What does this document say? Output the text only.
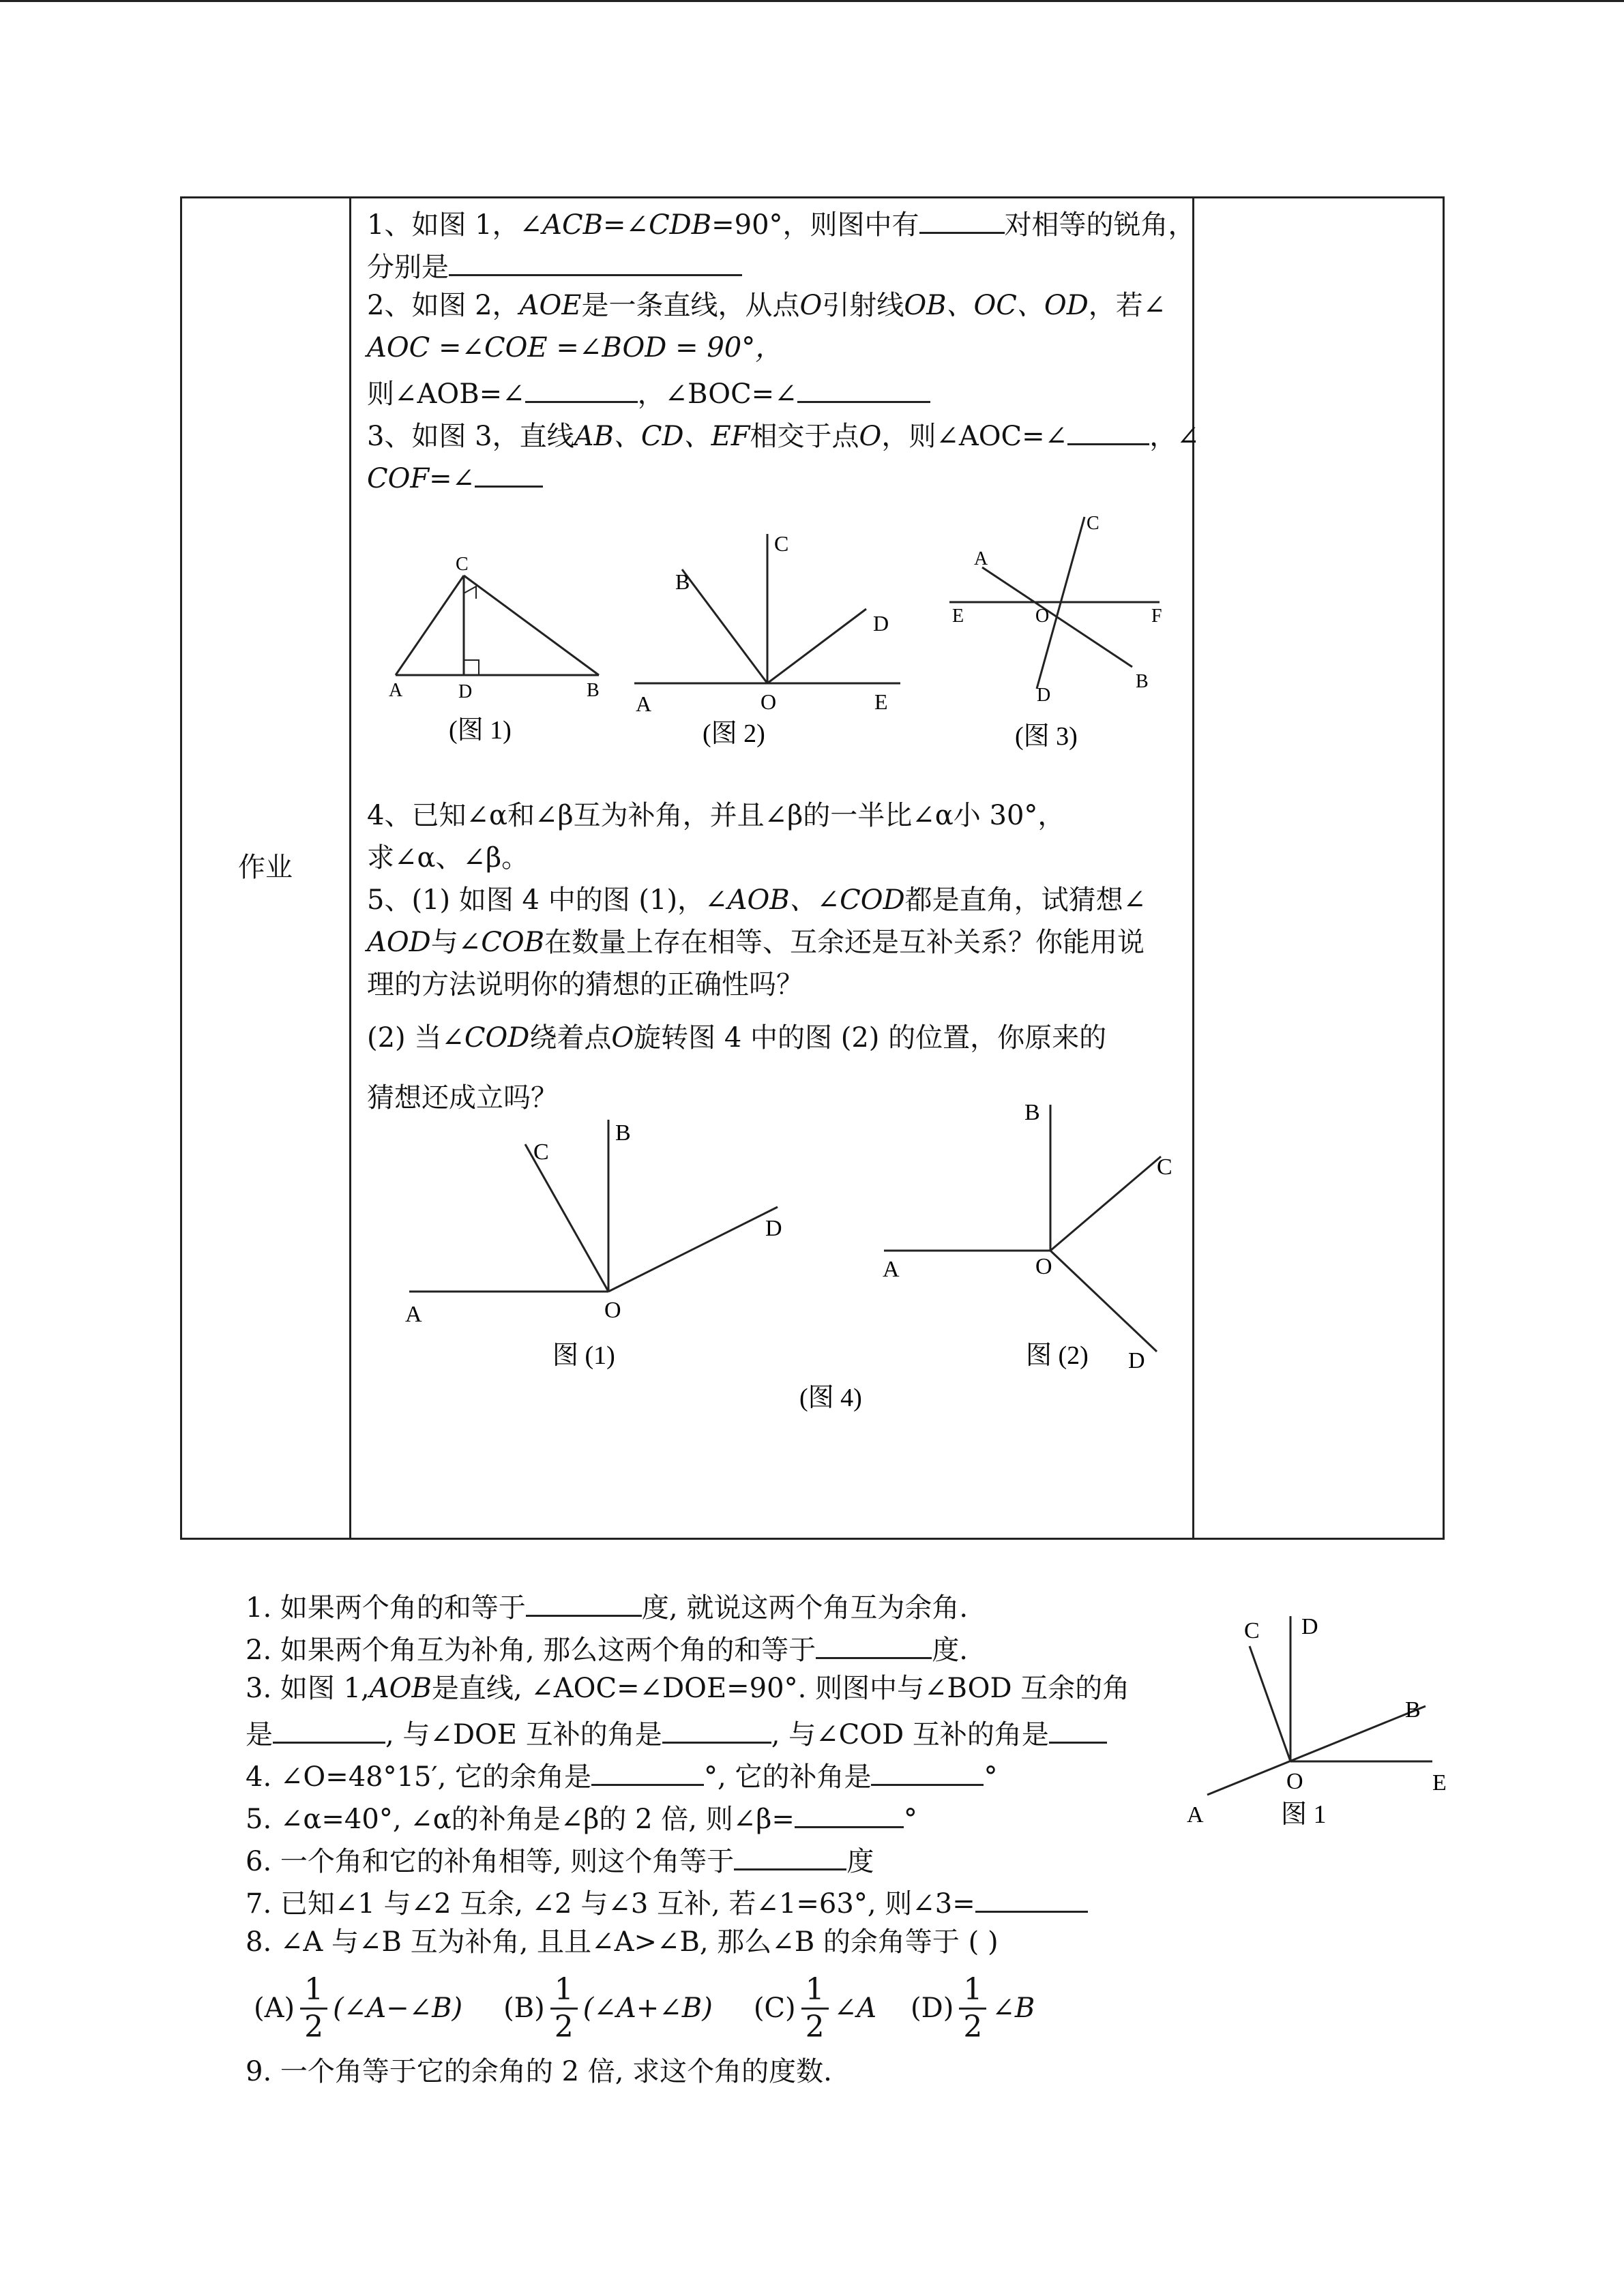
作业
1、如图 1，∠ACB=∠CDB=90°，则图中有	对相等的锐角，
分别是
2、如图 2，AOE是一条直线，从点O引射线OB、OC、OD，若∠
AOC =∠COE =∠BOD = 90°，
则∠AOB=∠	，∠BOC=∠
3、如图 3，直线AB、CD、EF相交于点O，则∠AOC=∠	，∠
COF=∠
A	B
C
D
(图 1)
A
B
C
D
O	E
(图 2)
A
B
C
D
E	F
O
(图 3)
4、已知∠α和∠β互为补角，并且∠β的一半比∠α小 30°，
求∠α、∠β。
5、(1) 如图 4 中的图 (1)，∠AOB、∠COD都是直角，试猜想∠
AOD与∠COB在数量上存在相等、互余还是互补关系？你能用说
理的方法说明你的猜想的正确性吗？
(2) 当∠COD绕着点O旋转图 4 中的图 (2) 的位置，你原来的
猜想还成立吗？
A
B
C
D
O
图 (1)
A
B
C
D
O
图 (2)
(图 4)
1. 如果两个角的和等于	度, 就说这两个角互为余角.
2. 如果两个角互为补角, 那么这两个角的和等于	度.
3. 如图 1,AOB是直线, ∠AOC=∠DOE=90°. 则图中与∠BOD 互余的角
是	, 与∠DOE 互补的角是	, 与∠COD 互补的角是
4. ∠O=48°15′, 它的余角是	°, 它的补角是	°
5. ∠α=40°, ∠α的补角是∠β的 2 倍, 则∠β=	°
6. 一个角和它的补角相等, 则这个角等于	度
7. 已知∠1 与∠2 互余, ∠2 与∠3 互补, 若∠1=63°, 则∠3=
8. ∠A 与∠B 互为补角, 且且∠A>∠B, 那么∠B 的余角等于 ( )
$(A) \frac{1}{2}$ (∠A−∠B) $(B) \frac{1}{2}$ (∠A+∠B) $(C) \frac{1}{2}$ ∠A $(D) \frac{1}{2}$ ∠B
9. 一个角等于它的余角的 2 倍, 求这个角的度数.
A
B
C D
O	E
图 1
